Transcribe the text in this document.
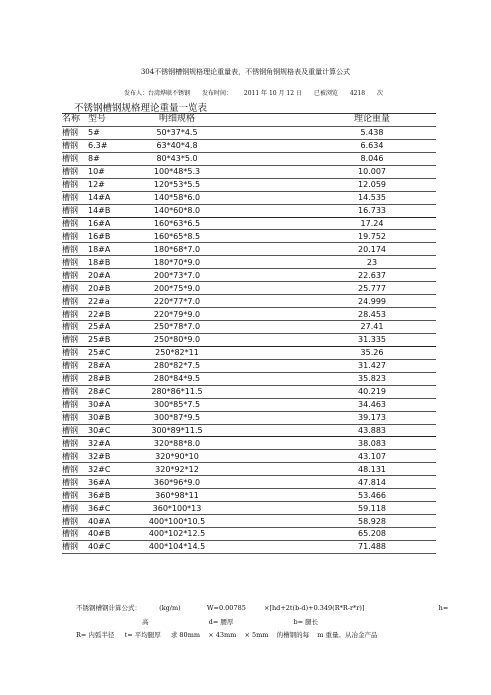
304不锈钢槽钢规格理论重量表，不锈钢角钢规格表及重量计算公式
发布人：台湾烨联不锈钢 发布时间： 2011 年 10 月 12 日 已被浏览 4218 次
不锈钢槽钢规格理论重量一览表
名称	型号	明细规格	理论重量
槽钢	5#	50*37*4.5	5.438
槽钢	6.3#	63*40*4.8	6.634
槽钢	8#	80*43*5.0	8.046
槽钢	10#	100*48*5.3	10.007
槽钢	12#	120*53*5.5	12.059
槽钢	14#A	140*58*6.0	14.535
槽钢	14#B	140*60*8.0	16.733
槽钢	16#A	160*63*6.5	17.24
槽钢	16#B	160*65*8.5	19.752
槽钢	18#A	180*68*7.0	20.174
槽钢	18#B	180*70*9.0	23
槽钢	20#A	200*73*7.0	22.637
槽钢	20#B	200*75*9.0	25.777
槽钢	22#a	220*77*7.0	24.999
槽钢	22#B	220*79*9.0	28.453
槽钢	25#A	250*78*7.0	27.41
槽钢	25#B	250*80*9.0	31.335
槽钢	25#C	250*82*11	35.26
槽钢	28#A	280*82*7.5	31.427
槽钢	28#B	280*84*9.5	35.823
槽钢	28#C	280*86*11.5	40.219
槽钢	30#A	300*85*7.5	34.463
槽钢	30#B	300*87*9.5	39.173
槽钢	30#C	300*89*11.5	43.883
槽钢	32#A	320*88*8.0	38.083
槽钢	32#B	320*90*10	43.107
槽钢	32#C	320*92*12	48.131
槽钢	36#A	360*96*9.0	47.814
槽钢	36#B	360*98*11	53.466
槽钢	36#C	360*100*13	59.118
槽钢	40#A	400*100*10.5	58.928
槽钢	40#B	400*102*12.5	65.208
槽钢	40#C	400*104*14.5	71.488
不锈钢槽钢计算公式：	(kg/m)	W=0.00785	×[hd+2t(b-d)+0.349(R*R-r*r)]	h=
高	d= 腰厚	b= 腿长
R= 内弧半径 t= 平均腿厚 求 80mm × 43mm × 5mm 的槽钢的每 m 重量。从冶金产品
